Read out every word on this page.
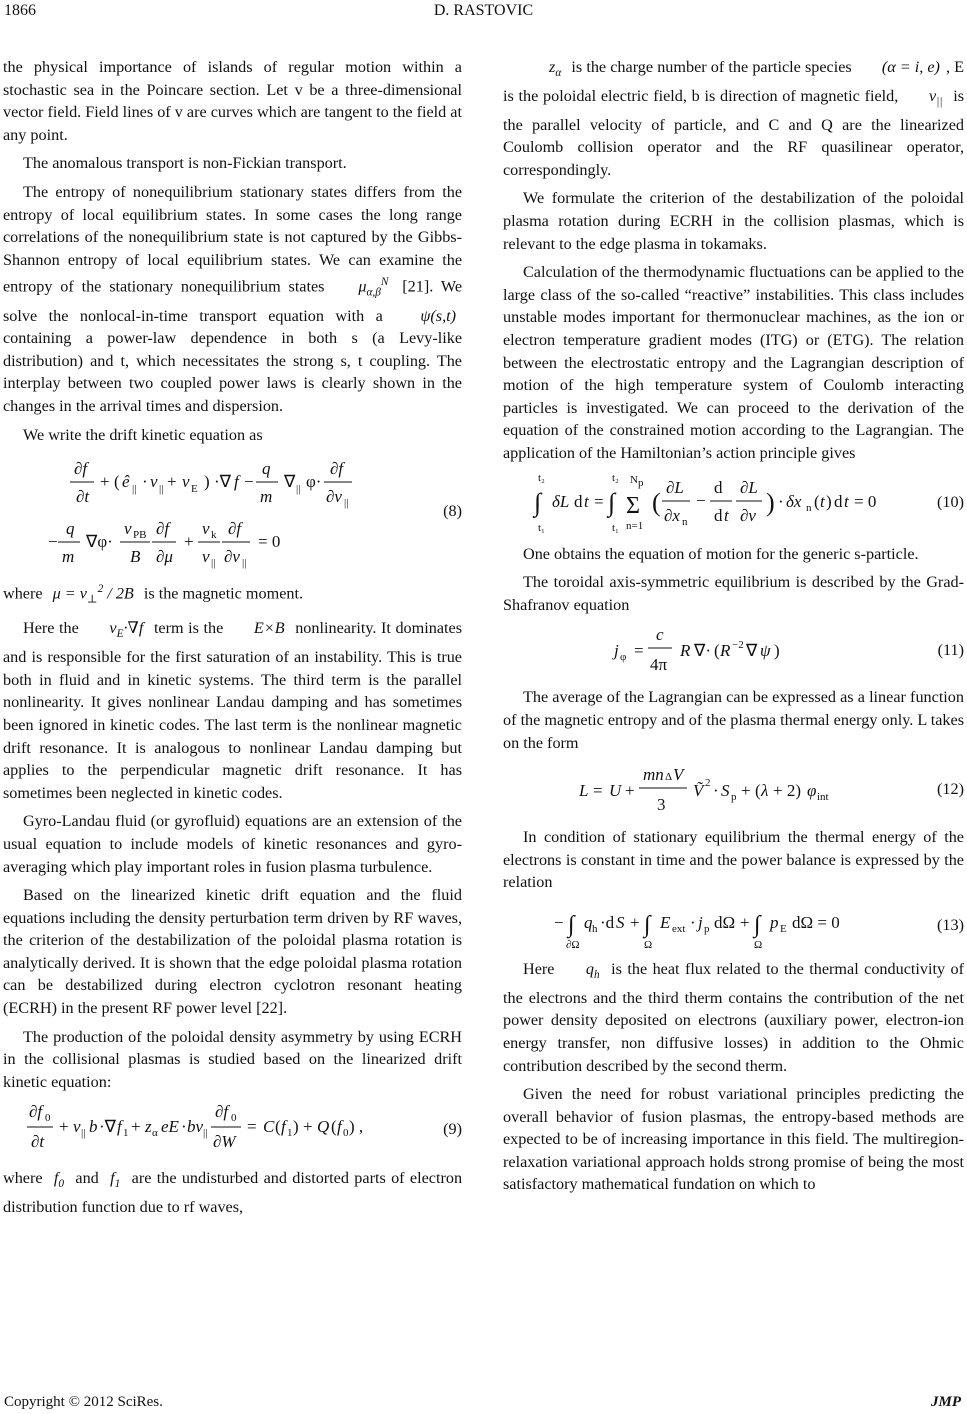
1866	D. RASTOVIC

the physical importance of islands of regular motion within a stochastic sea in the Poincare section. Let v be a three-dimensional vector field. Field lines of v are curves which are tangent to the field at any point.

The anomalous transport is non-Fickian transport.

The entropy of nonequilibrium stationary states differs from the entropy of local equilibrium states. In some cases the long range correlations of the nonequilibrium state is not captured by the Gibbs-Shannon entropy of local equilibrium states. We can examine the entropy of the stationary nonequilibrium states $\mu_{\alpha,\beta}^N$ [21]. We solve the nonlocal-in-time transport equation with a ψ(s,t) containing a power-law dependence in both s (a Levy-like distribution) and t, which necessitates the strong s, t coupling. The interplay between two coupled power laws is clearly shown in the changes in the arrival times and dispersion.

We write the drift kinetic equation as

∂f
∂t
+ ( ê || · v || + v E ) ·∇ f −
q
m
∇ || φ·
∂f
∂v ||
−
q
m
∇φ·
v PB
B
∂f
∂μ
+
v k
v ||
∂f
∂v ||
= 0
(8)

where $\mu = v_\perp^2 / 2B$ is the magnetic moment.

Here the $v_E\cdot\nabla f$ term is the E×B nonlinearity. It dominates and is responsible for the first saturation of an instability. This is true both in fluid and in kinetic systems. The third term is the parallel nonlinearity. It gives nonlinear Landau damping and has sometimes been ignored in kinetic codes. The last term is the nonlinear magnetic drift resonance. It is analogous to nonlinear Landau damping but applies to the perpendicular magnetic drift resonance. It has sometimes been neglected in kinetic codes.

Gyro-Landau fluid (or gyrofluid) equations are an extension of the usual equation to include models of kinetic resonances and gyro-averaging which play important roles in fusion plasma turbulence.

Based on the linearized kinetic drift equation and the fluid equations including the density perturbation term driven by RF waves, the criterion of the destabilization of the poloidal plasma rotation is analytically derived. It is shown that the edge poloidal plasma rotation can be destabilized during electron cyclotron resonant heating (ECRH) in the present RF power level [22].

The production of the poloidal density asymmetry by using ECRH in the collisional plasmas is studied based on the linearized drift kinetic equation:

∂f 0
∂t
+ v || b ·∇ f 1 + z α eE · bv ||
∂f 0
∂W
= C ( f 1 ) + Q ( f 0 ) ,	(9)

where $f_0$ and $f_1$ are the undisturbed and distorted parts of electron distribution function due to rf waves,

$z_\alpha$ is the charge number of the particle species (α = i, e) , E is the poloidal electric field, b is direction of magnetic field, $v_{||}$ is the parallel velocity of particle, and C and Q are the linearized Coulomb collision operator and the RF quasilinear operator, correspondingly.

We formulate the criterion of the destabilization of the poloidal plasma rotation during ECRH in the collision plasmas, which is relevant to the edge plasma in tokamaks.

Calculation of the thermodynamic fluctuations can be applied to the large class of the so-called “reactive” instabilities. This class includes unstable modes important for thermonuclear machines, as the ion or electron temperature gradient modes (ITG) or (ETG). The relation between the electrostatic entropy and the Lagrangian description of motion of the high temperature system of Coulomb interacting particles is investigated. We can proceed to the derivation of the equation of the constrained motion according to the Lagrangian. The application of the Hamiltonian’s action principle gives

∫
t₂
t₁
δL d t = ∫
t₂
t₁
Σ
N p
n=1
(
∂L
∂x n
−
d
d t
∂L
∂ν ) · δx n ( t ) d t = 0	(10)

One obtains the equation of motion for the generic s-particle.

The toroidal axis-symmetric equilibrium is described by the Grad-Shafranov equation

j φ =
c
4π
R ∇· ( R −2 ∇ ψ )	(11)

The average of the Lagrangian can be expressed as a linear function of the magnetic entropy and of the plasma thermal energy only. L takes on the form

L = U +
mn Δ V
3
Ṽ 2 · S p + ( λ + 2) φ int	(12)

In condition of stationary equilibrium the thermal energy of the electrons is constant in time and the power balance is expressed by the relation

− ∫
∂Ω
q h ·d S + ∫
Ω
E ext · j p dΩ + ∫
Ω
p E dΩ = 0	(13)

Here $q_h$ is the heat flux related to the thermal conductivity of the electrons and the third therm contains the contribution of the net power density deposited on electrons (auxiliary power, electron-ion energy transfer, non diffusive losses) in addition to the Ohmic contribution described by the second therm.

Given the need for robust variational principles predicting the overall behavior of fusion plasmas, the entropy-based methods are expected to be of increasing importance in this field. The multiregion-relaxation variational approach holds strong promise of being the most satisfactory mathematical fundation on which to

Copyright © 2012 SciRes.	JMP
